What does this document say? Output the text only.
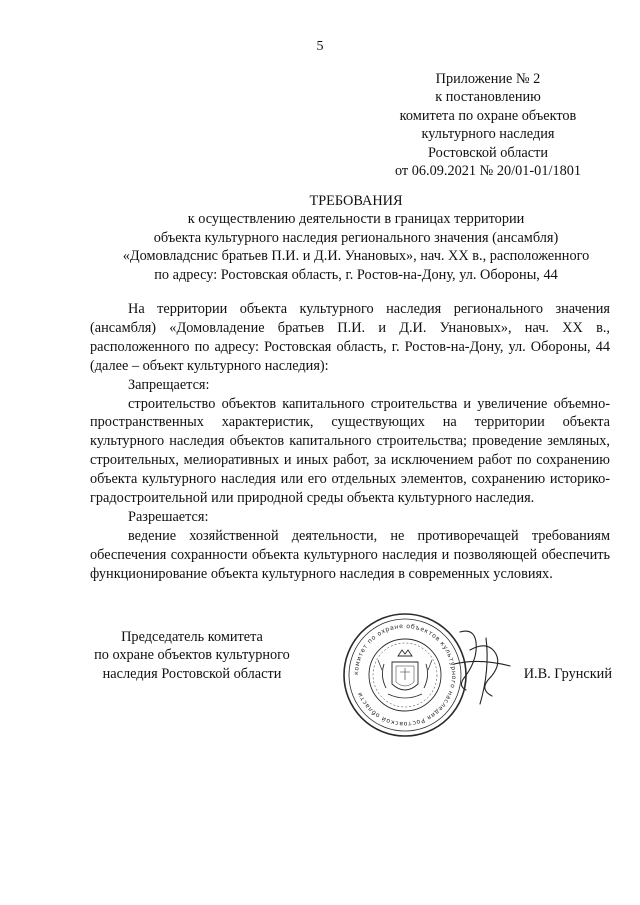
5
Приложение № 2
к постановлению
комитета по охране объектов
культурного наследия
Ростовской области
от 06.09.2021 № 20/01-01/1801
ТРЕБОВАНИЯ
к осуществлению деятельности в границах территории
объекта культурного наследия регионального значения (ансамбля)
«Домовладснис братьев П.И. и Д.И. Унановых», нач. XX в., расположенного
по адресу: Ростовская область, г. Ростов-на-Дону, ул. Обороны, 44

На территории объекта культурного наследия регионального значения (ансамбля) «Домовладение братьев П.И. и Д.И. Унановых», нач. XX в., расположенного по адресу: Ростовская область, г. Ростов-на-Дону, ул. Обороны, 44 (далее – объект культурного наследия):

Запрещается:

строительство объектов капитального строительства и увеличение объемно-пространственных характеристик, существующих на территории объекта культурного наследия объектов капитального строительства; проведение земляных, строительных, мелиоративных и иных работ, за исключением работ по сохранению объекта культурного наследия или его отдельных элементов, сохранению историко-градостроительной или природной среды объекта культурного наследия.

Разрешается:

ведение хозяйственной деятельности, не противоречащей требованиям обеспечения сохранности объекта культурного наследия и позволяющей обеспечить функционирование объекта культурного наследия в современных условиях.

Председатель комитета
по охране объектов культурного
наследия Ростовской области	комитет по охране объектов культурного наследия Ростовской области
И.В. Грунский
